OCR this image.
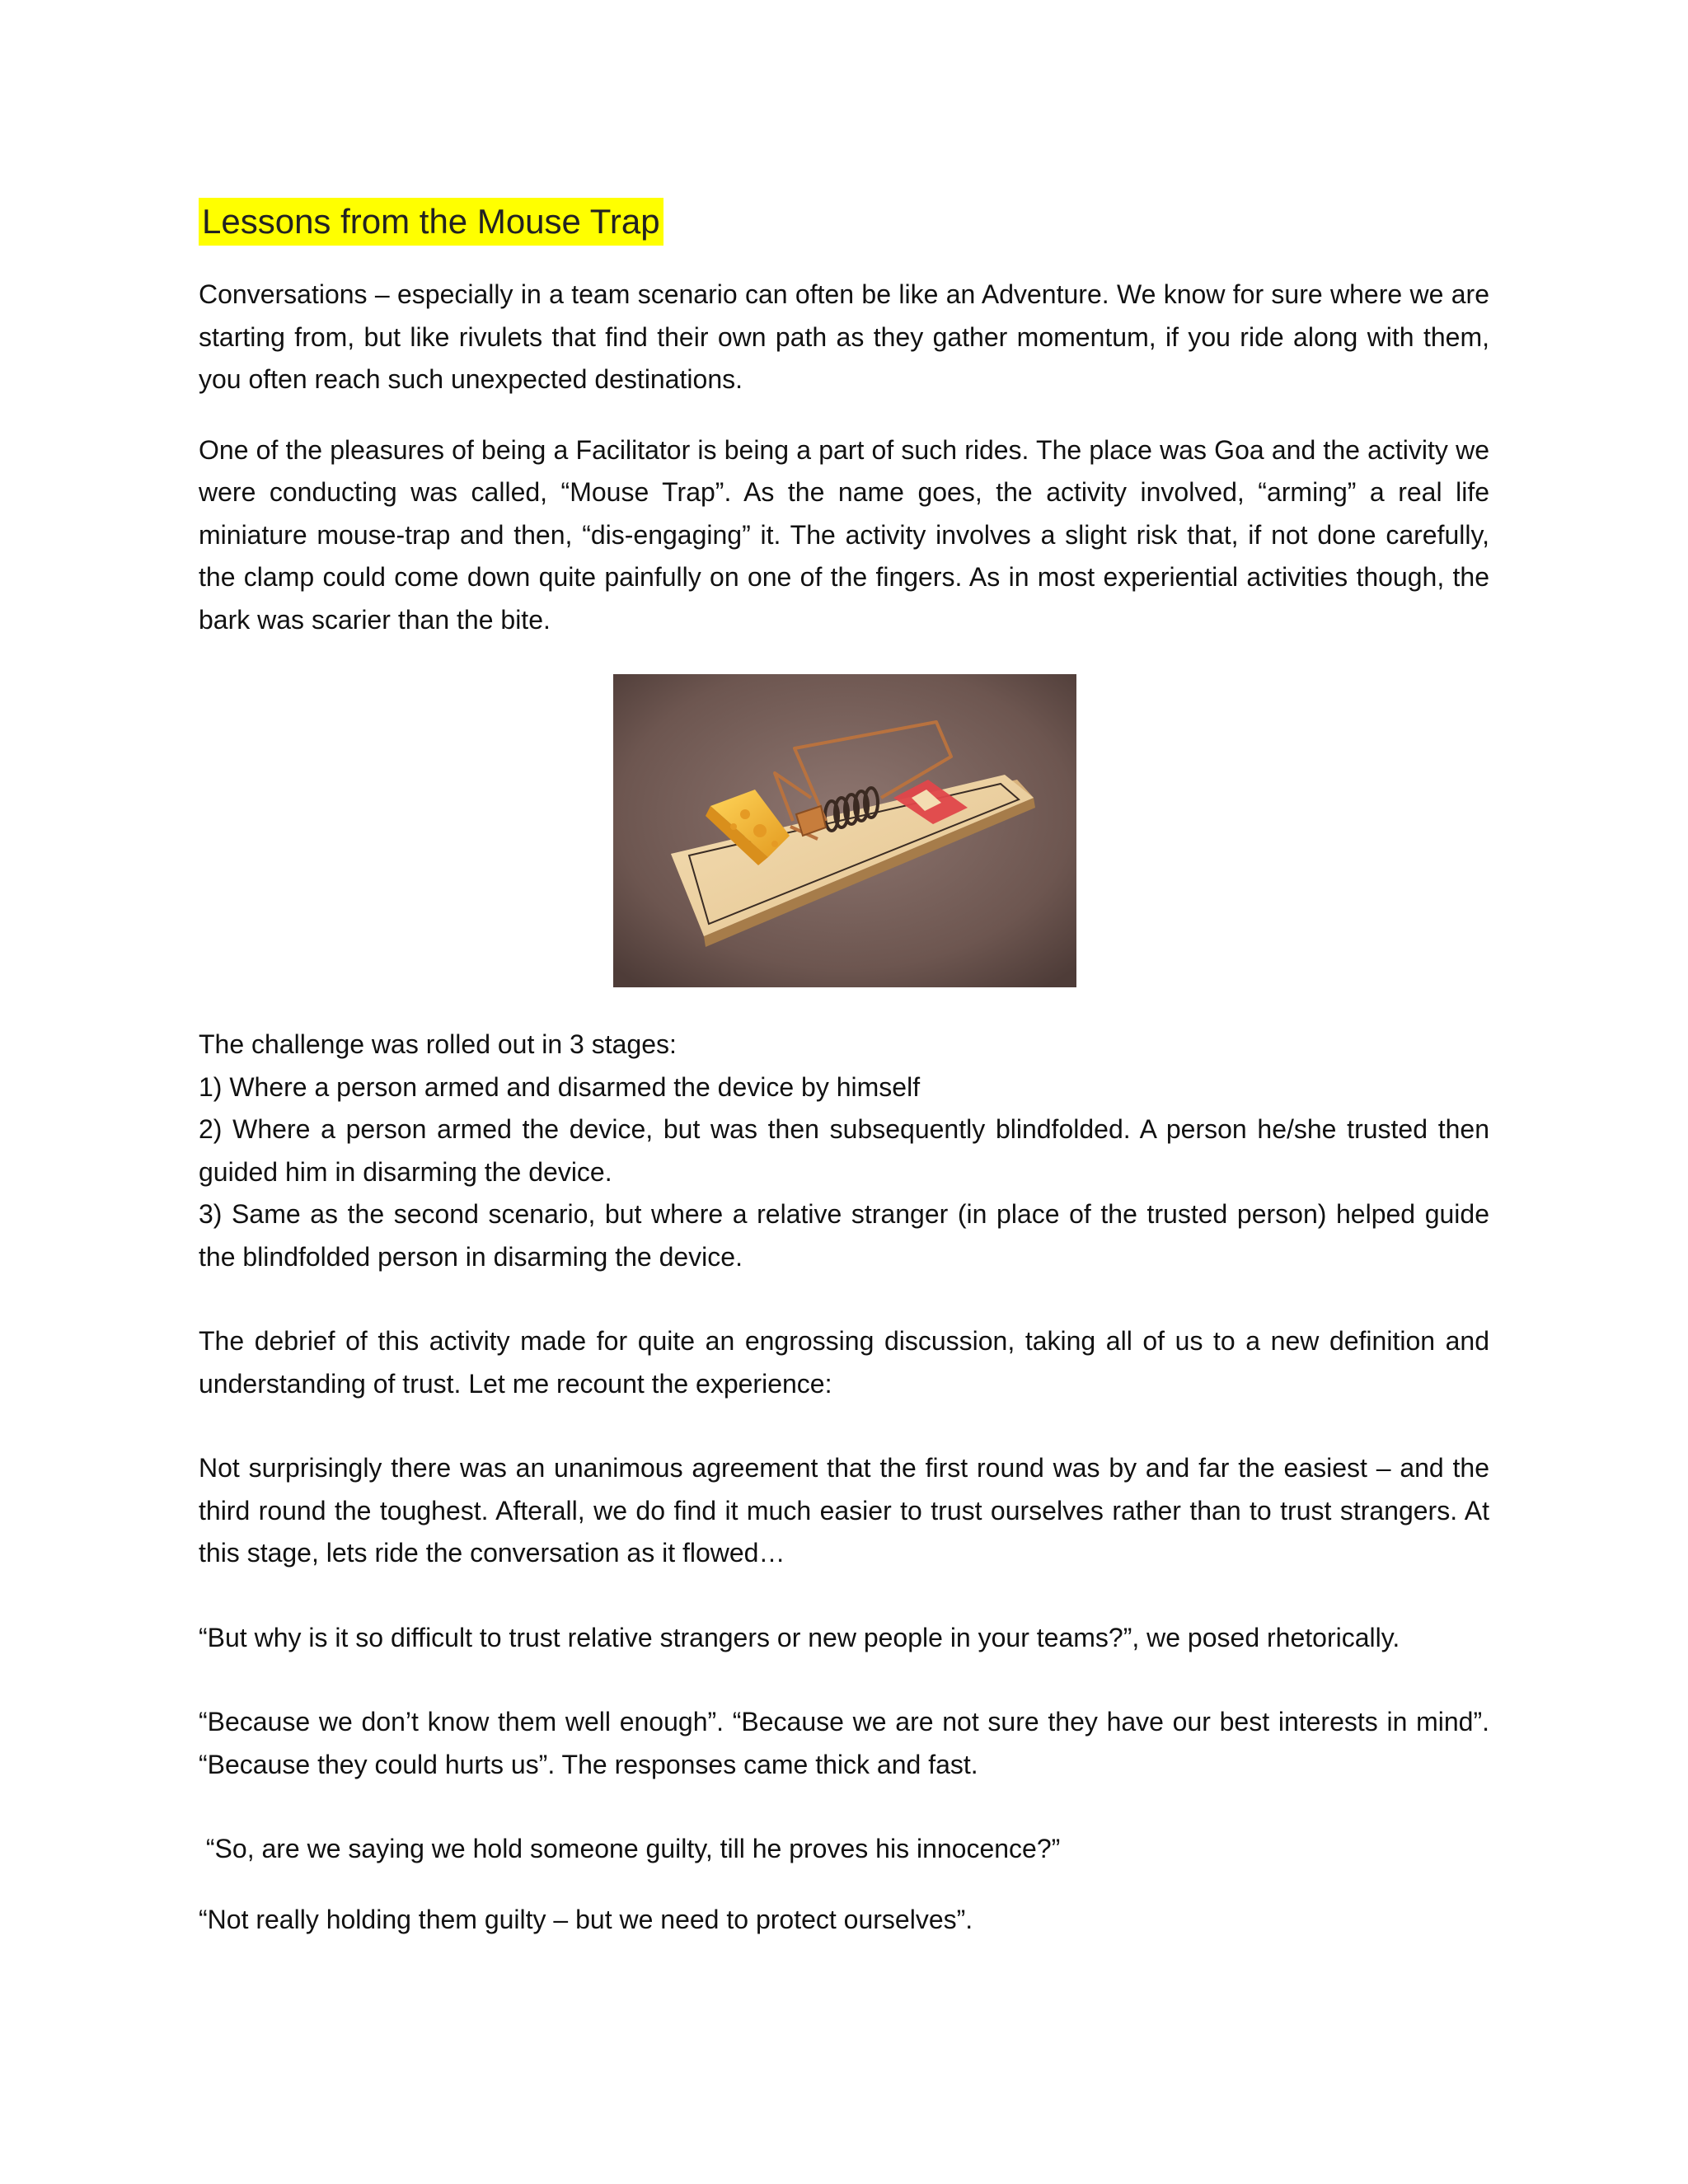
Lessons from the Mouse Trap

Conversations – especially in a team scenario can often be like an Adventure. We know for sure where we are starting from, but like rivulets that find their own path as they gather momentum, if you ride along with them, you often reach such unexpected destinations.

One of the pleasures of being a Facilitator is being a part of such rides. The place was Goa and the activity we were conducting was called, “Mouse Trap”. As the name goes, the activity involved, “arming” a real life miniature mouse-trap and then, “dis-engaging” it. The activity involves a slight risk that, if not done carefully, the clamp could come down quite painfully on one of the fingers. As in most experiential activities though, the bark was scarier than the bite.

The challenge was rolled out in 3 stages:

1) Where a person armed and disarmed the device by himself

2) Where a person armed the device, but was then subsequently blindfolded. A person he/she trusted then guided him in disarming the device.

3) Same as the second scenario, but where a relative stranger (in place of the trusted person) helped guide the blindfolded person in disarming the device.

The debrief of this activity made for quite an engrossing discussion, taking all of us to a new definition and understanding of trust. Let me recount the experience:

Not surprisingly there was an unanimous agreement that the first round was by and far the easiest – and the third round the toughest. Afterall, we do find it much easier to trust ourselves rather than to trust strangers. At this stage, lets ride the conversation as it flowed…

“But why is it so difficult to trust relative strangers or new people in your teams?”, we posed rhetorically.

“Because we don’t know them well enough”. “Because we are not sure they have our best interests in mind”. “Because they could hurts us”. The responses came thick and fast.

“So, are we saying we hold someone guilty, till he proves his innocence?”

“Not really holding them guilty – but we need to protect ourselves”.
